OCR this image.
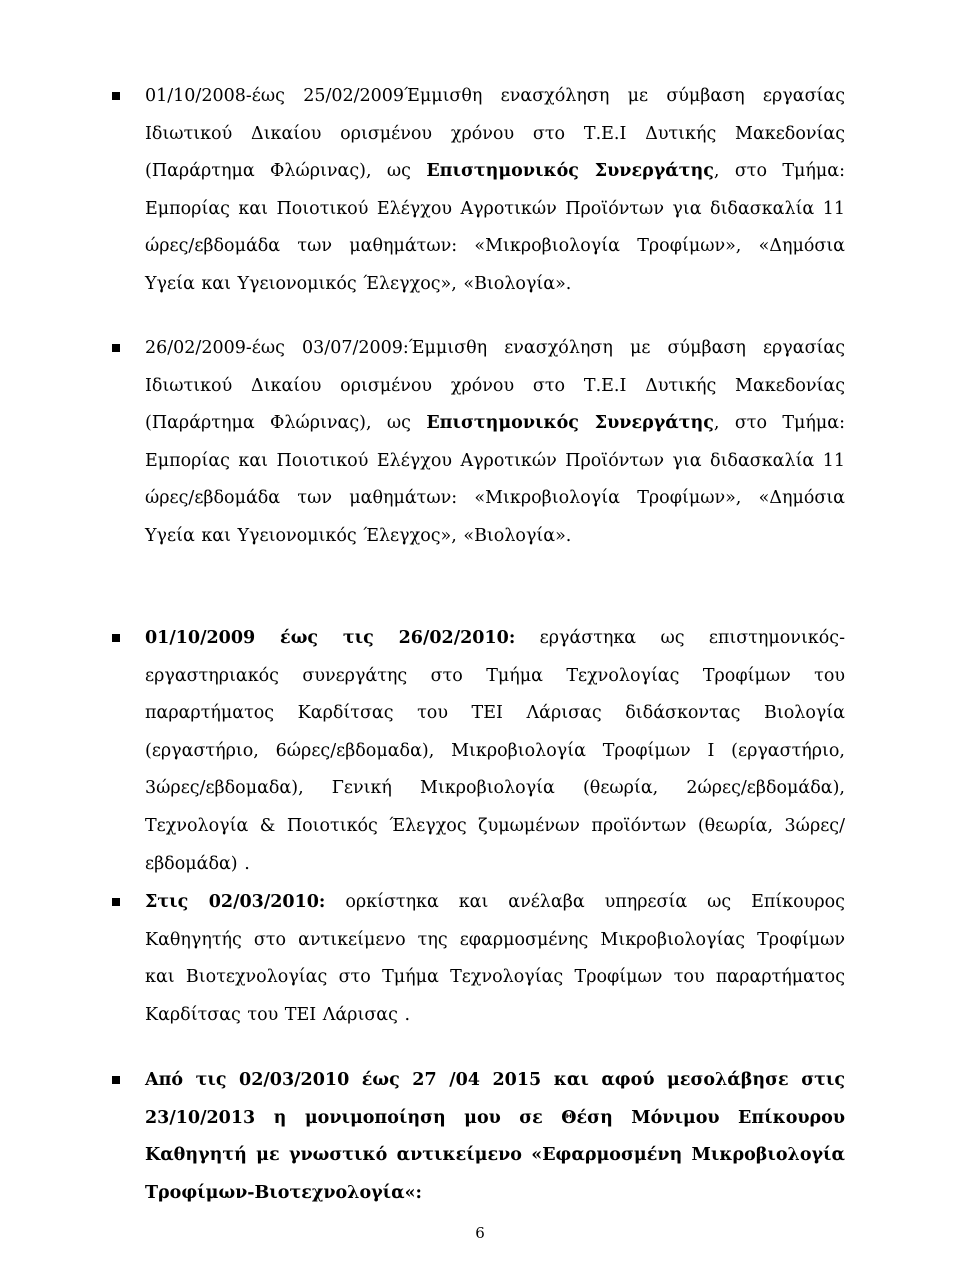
01/10/2008-έως 25/02/2009Έμμισθη ενασχόληση με σύμβαση εργασίας Ιδιωτικού Δικαίου ορισμένου χρόνου στο Τ.Ε.Ι Δυτικής Μακεδονίας (Παράρτημα Φλώρινας), ως Επιστημονικός Συνεργάτης, στο Τμήμα: Εμπορίας και Ποιοτικού Ελέγχου Αγροτικών Προϊόντων για διδασκαλία 11 ώρες/εβδομάδα των μαθημάτων: «Μικροβιολογία Τροφίμων», «Δημόσια Υγεία και Υγειονομικός Έλεγχος», «Βιολογία».
26/02/2009-έως 03/07/2009:Έμμισθη ενασχόληση με σύμβαση εργασίας Ιδιωτικού Δικαίου ορισμένου χρόνου στο Τ.Ε.Ι Δυτικής Μακεδονίας (Παράρτημα Φλώρινας), ως Επιστημονικός Συνεργάτης, στο Τμήμα: Εμπορίας και Ποιοτικού Ελέγχου Αγροτικών Προϊόντων για διδασκαλία 11 ώρες/εβδομάδα των μαθημάτων: «Μικροβιολογία Τροφίμων», «Δημόσια Υγεία και Υγειονομικός Έλεγχος», «Βιολογία».
01/10/2009 έως τις 26/02/2010: εργάστηκα ως επιστημονικός-εργαστηριακός συνεργάτης στο Τμήμα Τεχνολογίας Τροφίμων του παραρτήματος Καρδίτσας του ΤΕΙ Λάρισας διδάσκοντας Βιολογία (εργαστήριο, 6ώρες/εβδομαδα), Μικροβιολογία Τροφίμων Ι (εργαστήριο, 3ώρες/εβδομαδα), Γενική Μικροβιολογία (θεωρία, 2ώρες/εβδομάδα), Τεχνολογία & Ποιοτικός Έλεγχος ζυμωμένων προϊόντων (θεωρία, 3ώρες/εβδομάδα) .
Στις 02/03/2010: ορκίστηκα και ανέλαβα υπηρεσία ως Επίκουρος Καθηγητής στο αντικείμενο της εφαρμοσμένης Μικροβιολογίας Τροφίμων και Βιοτεχνολογίας στο Τμήμα Τεχνολογίας Τροφίμων του παραρτήματος Καρδίτσας του ΤΕΙ Λάρισας .
Από τις 02/03/2010 έως 27 /04 2015 και αφού μεσολάβησε στις 23/10/2013 η μονιμοποίηση μου σε Θέση Μόνιμου Επίκουρου Καθηγητή με γνωστικό αντικείμενο «Εφαρμοσμένη Μικροβιολογία Τροφίμων-Βιοτεχνολογία«:
6
